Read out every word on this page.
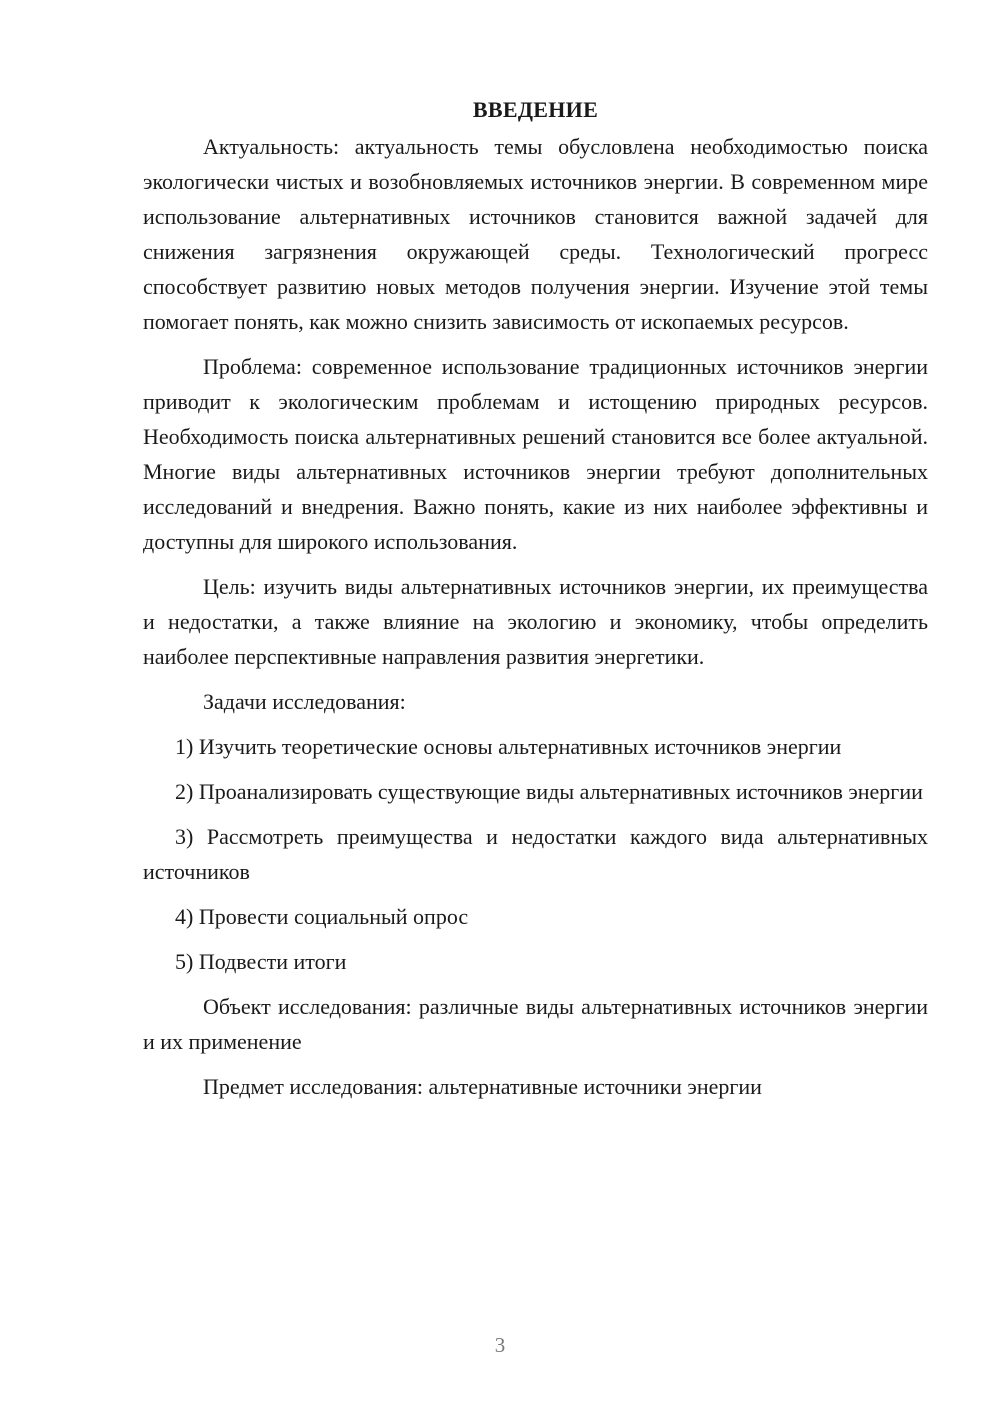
ВВЕДЕНИЕ

Актуальность: актуальность темы обусловлена необходимостью поиска экологически чистых и возобновляемых источников энергии. В современном мире использование альтернативных источников становится важной задачей для снижения загрязнения окружающей среды. Технологический прогресс способствует развитию новых методов получения энергии. Изучение этой темы помогает понять, как можно снизить зависимость от ископаемых ресурсов.

Проблема: современное использование традиционных источников энергии приводит к экологическим проблемам и истощению природных ресурсов. Необходимость поиска альтернативных решений становится все более актуальной. Многие виды альтернативных источников энергии требуют дополнительных исследований и внедрения. Важно понять, какие из них наиболее эффективны и доступны для широкого использования.

Цель: изучить виды альтернативных источников энергии, их преимущества и недостатки, а также влияние на экологию и экономику, чтобы определить наиболее перспективные направления развития энергетики.

Задачи исследования:

1) Изучить теоретические основы альтернативных источников энергии

2) Проанализировать существующие виды альтернативных источников энергии

3) Рассмотреть преимущества и недостатки каждого вида альтернативных источников

4) Провести социальный опрос

5) Подвести итоги

Объект исследования: различные виды альтернативных источников энергии и их применение

Предмет исследования: альтернативные источники энергии

3
